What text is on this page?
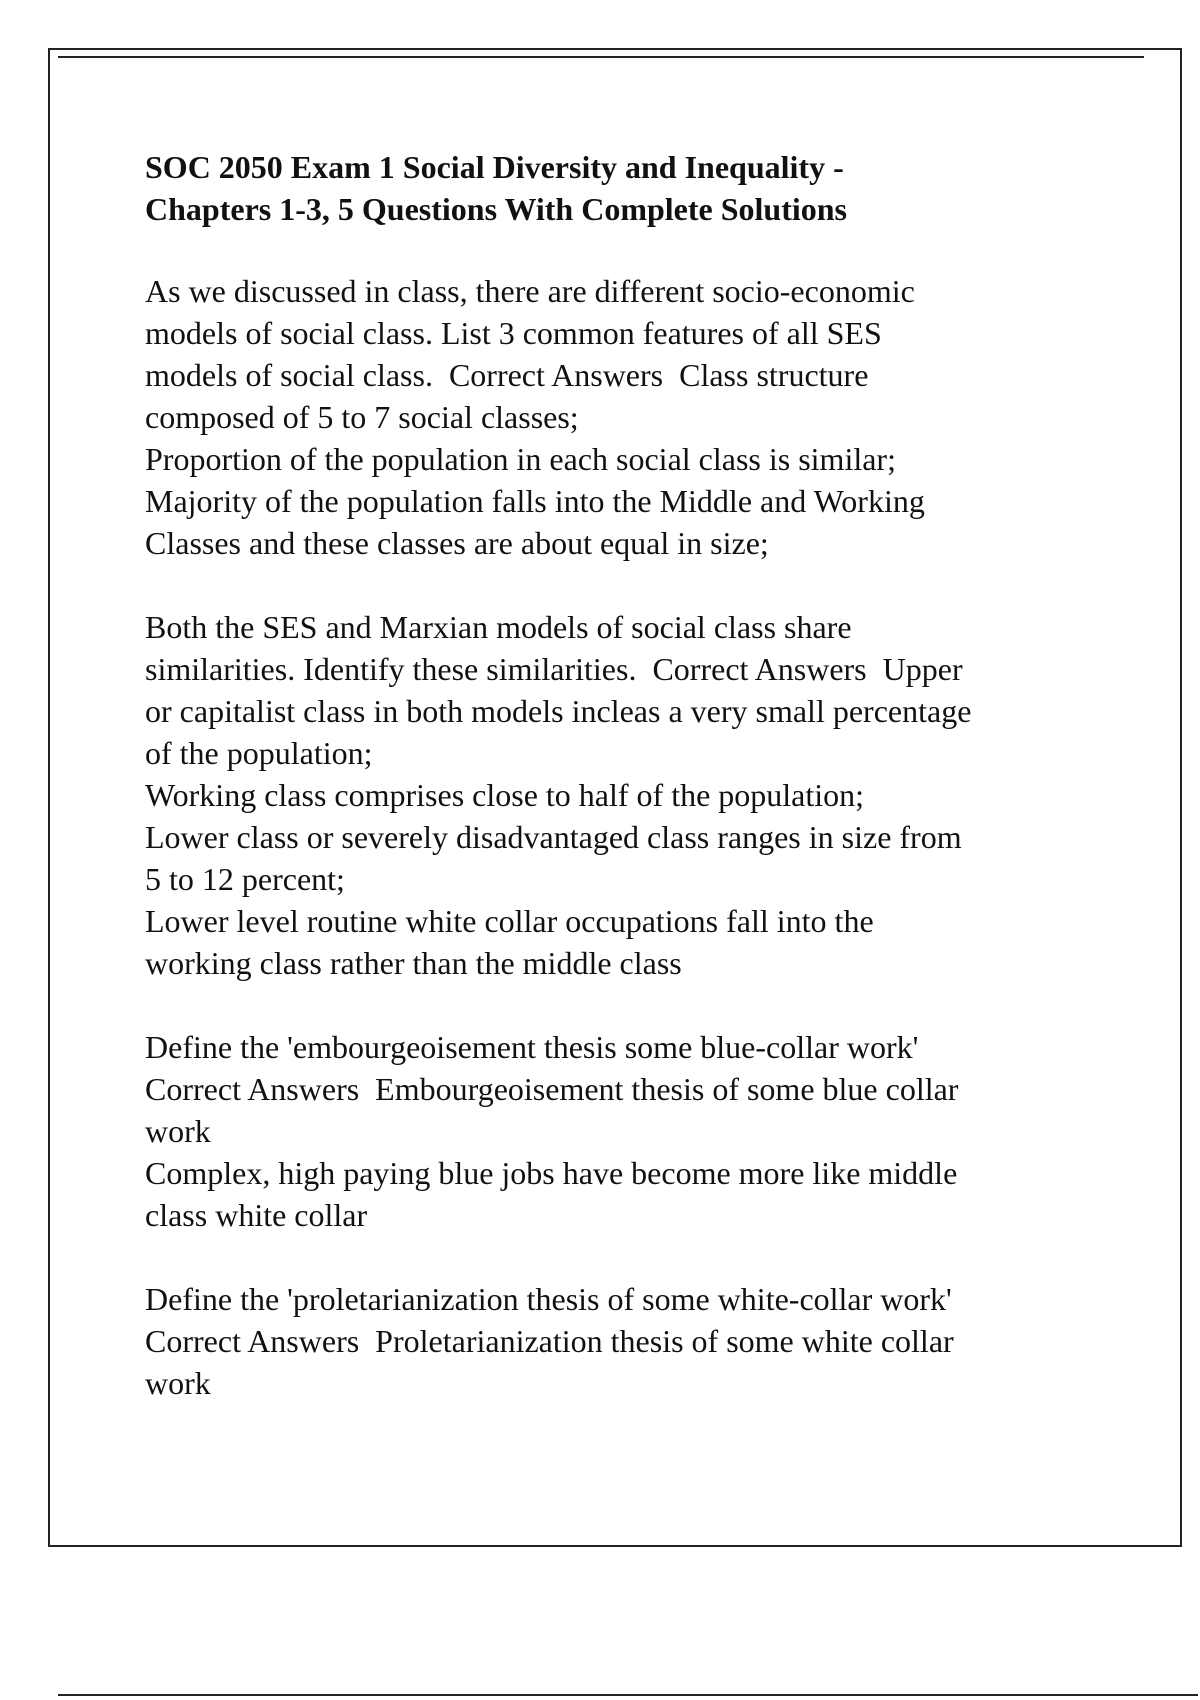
SOC 2050 Exam 1 Social Diversity and Inequality -
Chapters 1-3, 5 Questions With Complete Solutions
As we discussed in class, there are different socio-economic
models of social class. List 3 common features of all SES
models of social class.  Correct Answers  Class structure
composed of 5 to 7 social classes;
Proportion of the population in each social class is similar;
Majority of the population falls into the Middle and Working
Classes and these classes are about equal in size;
Both the SES and Marxian models of social class share
similarities. Identify these similarities.  Correct Answers  Upper
or capitalist class in both models incleas a very small percentage
of the population;
Working class comprises close to half of the population;
Lower class or severely disadvantaged class ranges in size from
5 to 12 percent;
Lower level routine white collar occupations fall into the
working class rather than the middle class
Define the 'embourgeoisement thesis some blue-collar work'
Correct Answers  Embourgeoisement thesis of some blue collar
work
Complex, high paying blue jobs have become more like middle
class white collar
Define the 'proletarianization thesis of some white-collar work'
Correct Answers  Proletarianization thesis of some white collar
work
